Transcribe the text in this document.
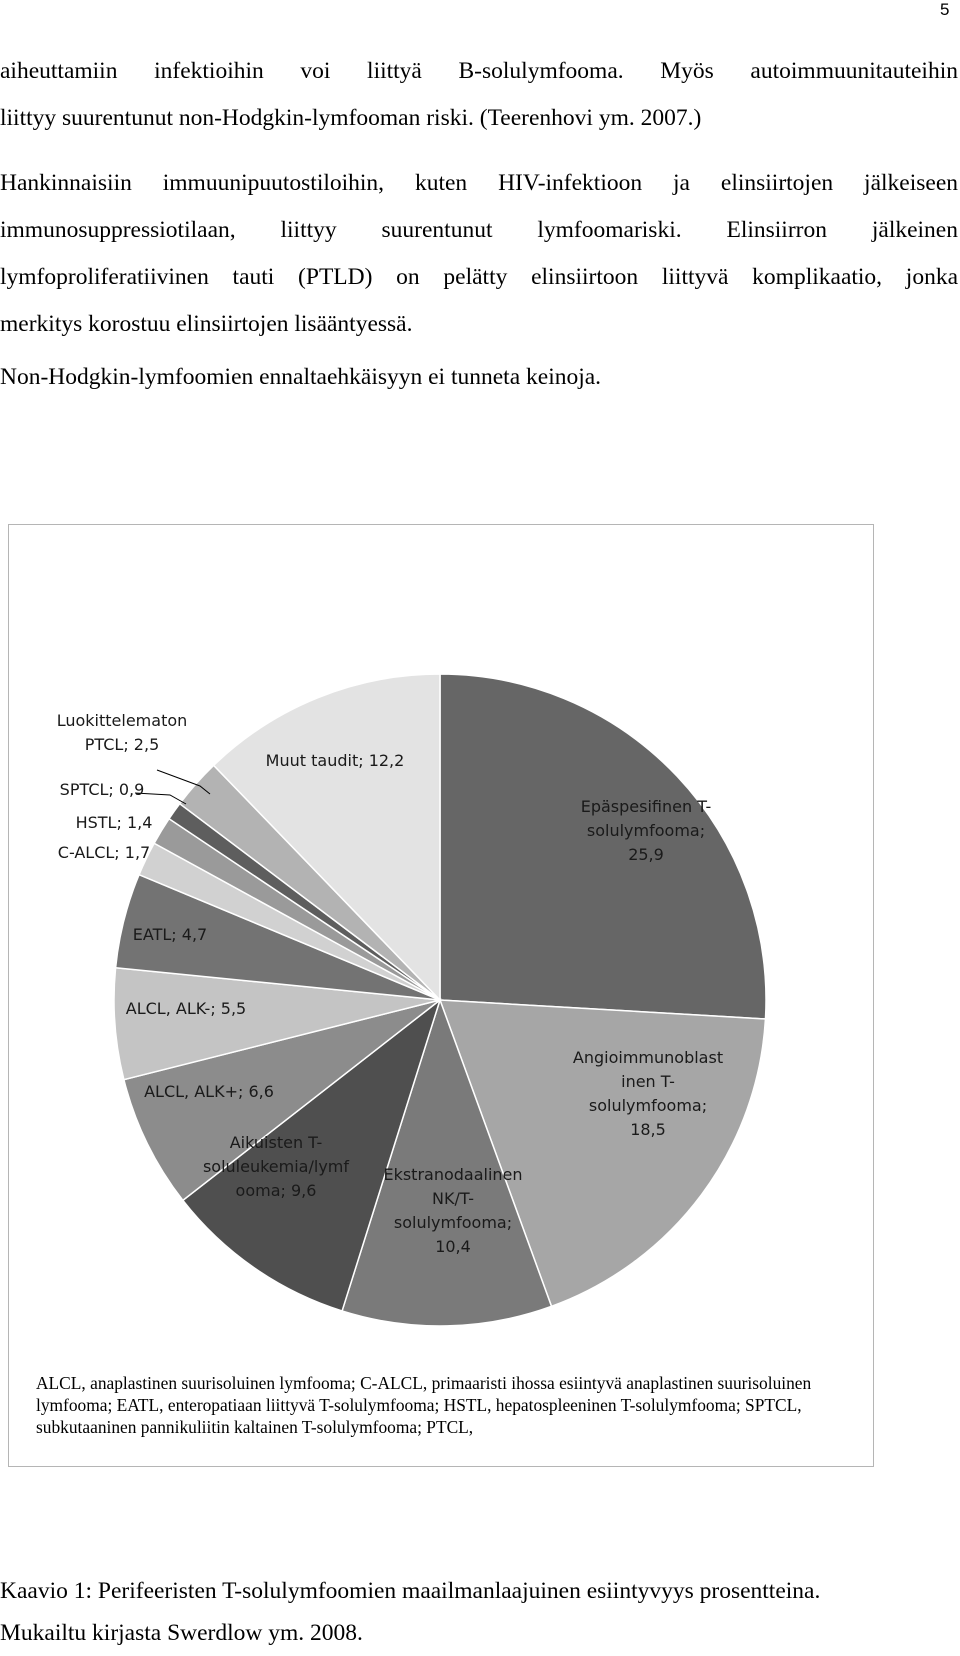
5
aiheuttamiin infektioihin voi liittyä B-solulymfooma. Myös autoimmuunitauteihin
liittyy suurentunut non-Hodgkin-lymfooman riski. (Teerenhovi ym. 2007.)
Hankinnaisiin immuunipuutostiloihin, kuten HIV-infektioon ja elinsiirtojen jälkeiseen
immunosuppressiotilaan, liittyy suurentunut lymfoomariski. Elinsiirron jälkeinen
lymfoproliferatiivinen tauti (PTLD) on pelätty elinsiirtoon liittyvä komplikaatio, jonka
merkitys korostuu elinsiirtojen lisääntyessä.
Non-Hodgkin-lymfoomien ennaltaehkäisyyn ei tunneta keinoja.
Epäspesifinen T-solulymfooma; 25,9
Angioimmunoblast inen T-solulymfooma; 18,5
Ekstranodaalinen NK/T-solulymfooma; 10,4
Aikuisten T-soluleukemia/lymf ooma; 9,6
ALCL, ALK+; 6,6
ALCL, ALK-; 5,5
EATL; 4,7
C-ALCL; 1,7
HSTL; 1,4
SPTCL; 0,9
Luokittelematon PTCL; 2,5
Muut taudit; 12,2

ALCL, anaplastinen suurisoluinen lymfooma; C-ALCL, primaaristi ihossa esiintyvä anaplastinen suurisoluinen lymfooma; EATL, enteropatiaan liittyvä T-solulymfooma; HSTL, hepatospleeninen T-solulymfooma; SPTCL, subkutaaninen pannikuliitin kaltainen T-solulymfooma; PTCL,

Kaavio 1: Perifeeristen T-solulymfoomien maailmanlaajuinen esiintyvyys prosentteina.
Mukailtu kirjasta Swerdlow ym. 2008.
